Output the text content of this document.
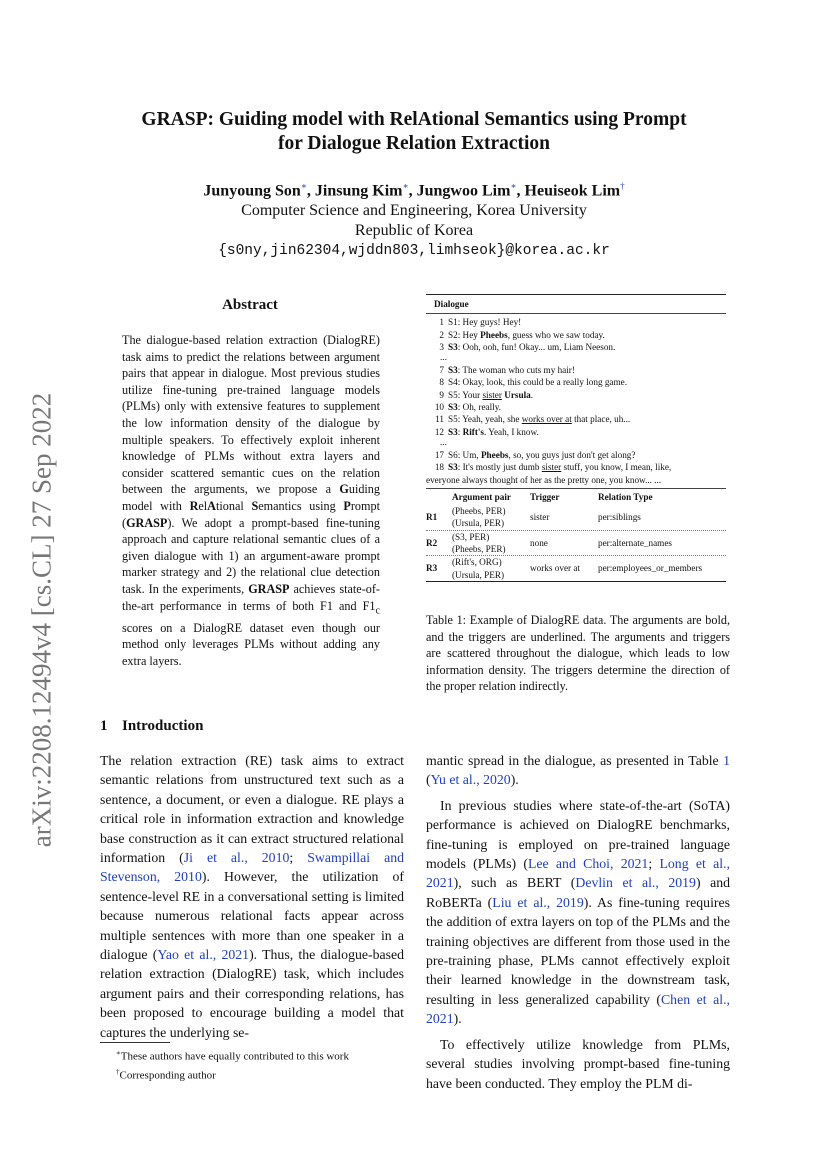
arXiv:2208.12494v4 [cs.CL] 27 Sep 2022
GRASP: Guiding model with RelAtional Semantics using Prompt
for Dialogue Relation Extraction
Junyoung Son∗, Jinsung Kim∗, Jungwoo Lim∗, Heuiseok Lim†
Computer Science and Engineering, Korea University
Republic of Korea
{s0ny,jin62304,wjddn803,limhseok}@korea.ac.kr
Abstract

The dialogue-based relation extraction (DialogRE) task aims to predict the relations between argument pairs that appear in dialogue. Most previous studies utilize fine-tuning pre-trained language models (PLMs) only with extensive features to supplement the low information density of the dialogue by multiple speakers. To effectively exploit inherent knowledge of PLMs without extra layers and consider scattered semantic cues on the relation between the arguments, we propose a Guiding model with RelAtional Semantics using Prompt (GRASP). We adopt a prompt-based fine-tuning approach and capture relational semantic clues of a given dialogue with 1) an argument-aware prompt marker strategy and 2) the relational clue detection task. In the experiments, GRASP achieves state-of-the-art performance in terms of both F1 and $F1_c$ scores on a DialogRE dataset even though our method only leverages PLMs without adding any extra layers.

1 Introduction

The relation extraction (RE) task aims to extract semantic relations from unstructured text such as a sentence, a document, or even a dialogue. RE plays a critical role in information extraction and knowledge base construction as it can extract structured relational information (Ji et al., 2010; Swampillai and Stevenson, 2010). However, the utilization of sentence-level RE in a conversational setting is limited because numerous relational facts appear across multiple sentences with more than one speaker in a dialogue (Yao et al., 2021). Thus, the dialogue-based relation extraction (DialogRE) task, which includes argument pairs and their corresponding relations, has been proposed to encourage building a model that captures the underlying se-

∗These authors have equally contributed to this work

†Corresponding author

Dialogue
1 S1: Hey guys! Hey!
2 S2: Hey Pheebs, guess who we saw today.
3 S3: Ooh, ooh, fun! Okay... um, Liam Neeson.
...
7 S3: The woman who cuts my hair!
8 S4: Okay, look, this could be a really long game.
9 S5: Your sister Ursula.
10 S3: Oh, really.
11 S5: Yeah, yeah, she works over at that place, uh...
12 S3: Rift's. Yeah, I know.
...
17 S6: Um, Pheebs, so, you guys just don't get along?
18 S3: It's mostly just dumb sister stuff, you know, I mean, like,
everyone always thought of her as the pretty one, you know... ...
Argument pair	Trigger	Relation Type
R1
(Pheebs, PER)
(Ursula, PER)
sister	per:siblings
R2
(S3, PER)
(Pheebs, PER)
none	per:alternate_names
R3
(Rift's, ORG)
(Ursula, PER)
works over at	per:employees_or_members

Table 1: Example of DialogRE data. The arguments are bold, and the triggers are underlined. The arguments and triggers are scattered throughout the dialogue, which leads to low information density. The triggers determine the direction of the proper relation indirectly.

mantic spread in the dialogue, as presented in Table 1 (Yu et al., 2020).

In previous studies where state-of-the-art (SoTA) performance is achieved on DialogRE benchmarks, fine-tuning is employed on pre-trained language models (PLMs) (Lee and Choi, 2021; Long et al., 2021), such as BERT (Devlin et al., 2019) and RoBERTa (Liu et al., 2019). As fine-tuning requires the addition of extra layers on top of the PLMs and the training objectives are different from those used in the pre-training phase, PLMs cannot effectively exploit their learned knowledge in the downstream task, resulting in less generalized capability (Chen et al., 2021).

To effectively utilize knowledge from PLMs, several studies involving prompt-based fine-tuning have been conducted. They employ the PLM di-
